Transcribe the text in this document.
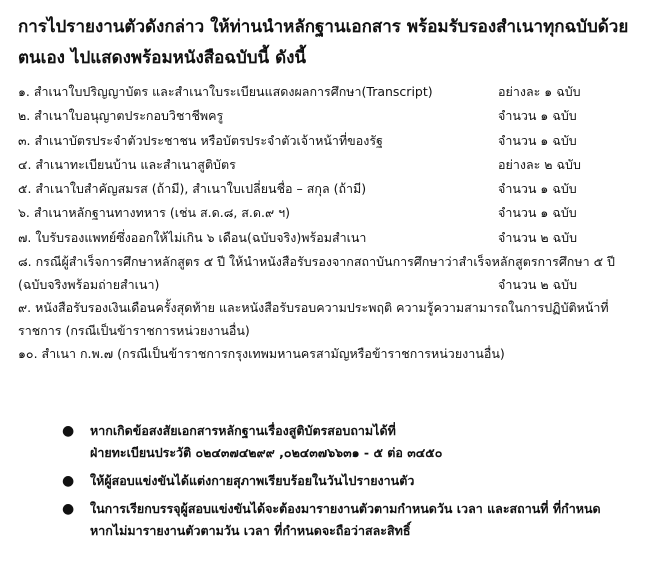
การไปรายงานตัวดังกล่าว ให้ท่านนำหลักฐานเอกสาร พร้อมรับรองสำเนาทุกฉบับด้วย
ตนเอง ไปแสดงพร้อมหนังสือฉบับนี้ ดังนี้
๑. สำเนาใบปริญญาบัตร และสำเนาใบระเบียนแสดงผลการศึกษา(Transcript)	อย่างละ ๑ ฉบับ
๒. สำเนาใบอนุญาตประกอบวิชาชีพครู	จำนวน ๑ ฉบับ
๓. สำเนาบัตรประจำตัวประชาชน หรือบัตรประจำตัวเจ้าหน้าที่ของรัฐ	จำนวน ๑ ฉบับ
๔. สำเนาทะเบียนบ้าน และสำเนาสูติบัตร	อย่างละ ๒ ฉบับ
๕. สำเนาใบสำคัญสมรส (ถ้ามี), สำเนาใบเปลี่ยนชื่อ – สกุล (ถ้ามี)	จำนวน ๑ ฉบับ
๖. สำเนาหลักฐานทางทหาร (เช่น ส.ด.๘, ส.ด.๙ ฯ)	จำนวน ๑ ฉบับ
๗. ใบรับรองแพทย์ซึ่งออกให้ไม่เกิน ๖ เดือน(ฉบับจริง)พร้อมสำเนา	จำนวน ๒ ฉบับ
๘. กรณีผู้สำเร็จการศึกษาหลักสูตร ๕ ปี ให้นำหนังสือรับรองจากสถาบันการศึกษาว่าสำเร็จหลักสูตรการศึกษา ๕ ปี
(ฉบับจริงพร้อมถ่ายสำเนา)	จำนวน ๒ ฉบับ
๙. หนังสือรับรองเงินเดือนครั้งสุดท้าย และหนังสือรับรอบความประพฤติ ความรู้ความสามารถในการปฏิบัติหน้าที่
ราชการ (กรณีเป็นข้าราชการหน่วยงานอื่น)
๑๐. สำเนา ก.พ.๗ (กรณีเป็นข้าราชการกรุงเทพมหานครสามัญหรือข้าราชการหน่วยงานอื่น)
● หากเกิดข้อสงสัยเอกสารหลักฐานเรื่องสูติบัตรสอบถามได้ที่
ฝ่ายทะเบียนประวัติ ๐๒๔๓๗๔๒๙๙ ,๐๒๔๓๗๖๖๓๑ - ๕ ต่อ ๓๔๕๐
● ให้ผู้สอบแข่งขันได้แต่งกายสุภาพเรียบร้อยในวันไปรายงานตัว
● ในการเรียกบรรจุผู้สอบแข่งขันได้จะต้องมารายงานตัวตามกำหนดวัน เวลา และสถานที่ ที่กำหนด
หากไม่มารายงานตัวตามวัน เวลา ที่กำหนดจะถือว่าสละสิทธิ์
